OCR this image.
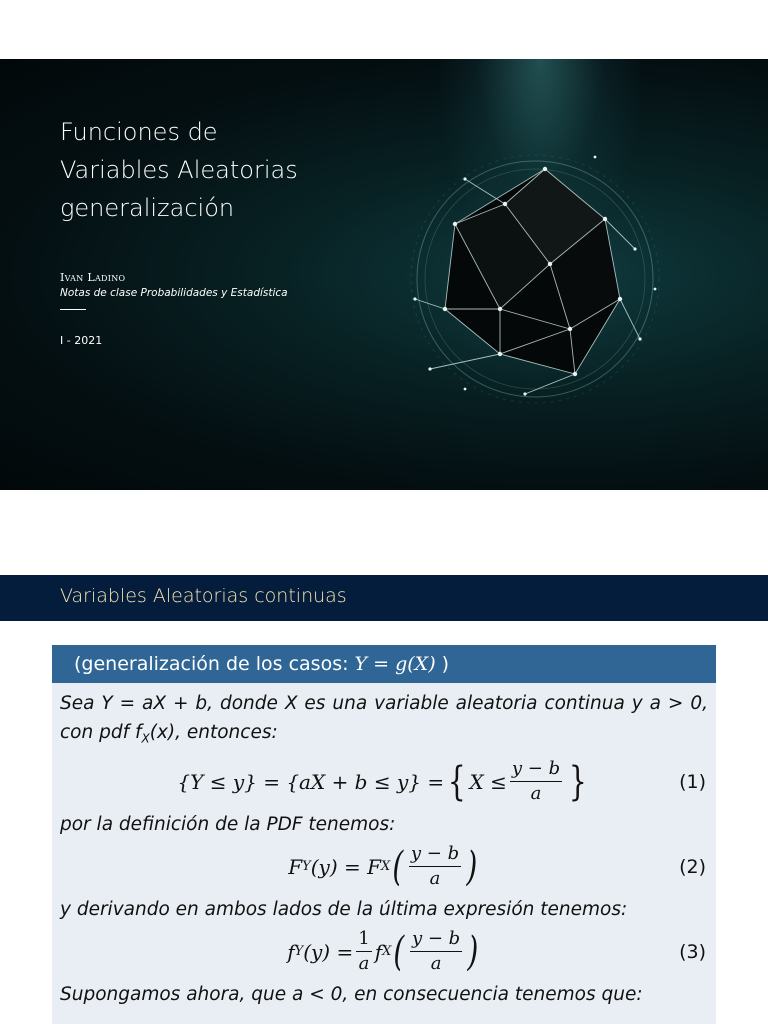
Funciones de
Variables Aleatorias
generalización
Ivan Ladino
Notas de clase Probabilidades y Estadística
I - 2021
Variables Aleatorias continuas
(generalización de los casos: Y = g(X) )
Sea Y = aX + b, donde X es una variable aleatoria continua y a > 0, con pdf $f_X(x)$, entonces:
{Y ≤ y} = {aX + b ≤ y} = { $X \le \frac{y - b}{a}$ }	(1)
por la definición de la PDF tenemos:
F Y (y) = F X ( $\frac{y - b}{a}$ )	(2)
y derivando en ambos lados de la última expresión tenemos:
f Y $(y) = \frac{1}{a}$ f X ( $\frac{y - b}{a}$ )	(3)
Supongamos ahora, que a < 0, en consecuencia tenemos que:
